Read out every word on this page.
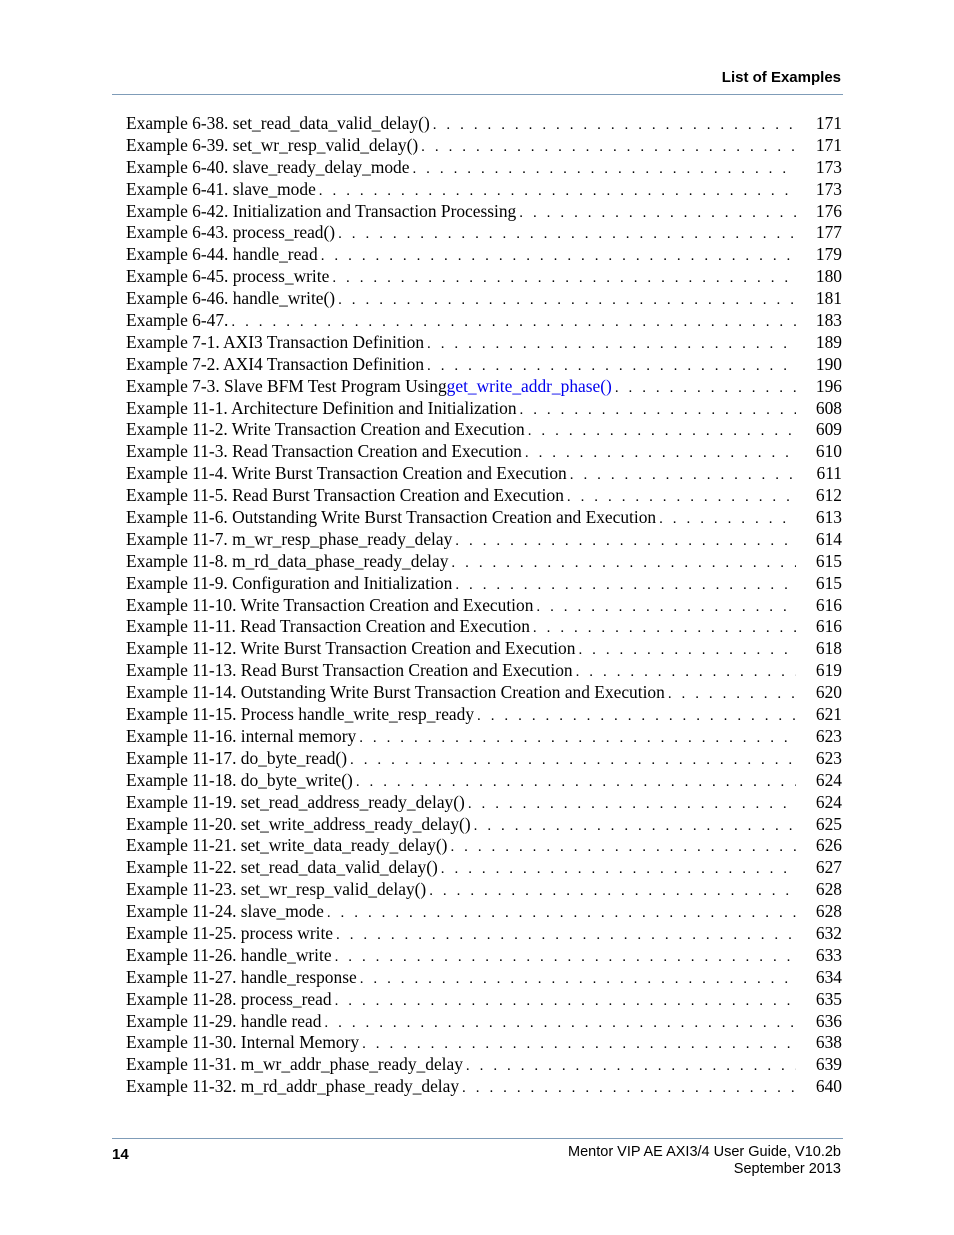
List of Examples
Example 6-38. set_read_data_valid_delay() . . .	171
Example 6-39. set_wr_resp_valid_delay() . . .	171
Example 6-40. slave_ready_delay_mode . . .	173
Example 6-41. slave_mode . . .	173
Example 6-42. Initialization and Transaction Processing . . .	176
Example 6-43. process_read() . . .	177
Example 6-44. handle_read . . .	179
Example 6-45. process_write . . .	180
Example 6-46. handle_write() . . .	181
Example 6-47. . . .	183
Example 7-1. AXI3 Transaction Definition . . .	189
Example 7-2. AXI4 Transaction Definition . . .	190
Example 7-3. Slave BFM Test Program Using get_write_addr_phase() . . .	196
Example 11-1. Architecture Definition and Initialization . . .	608
Example 11-2. Write Transaction Creation and Execution . . .	609
Example 11-3. Read Transaction Creation and Execution . . .	610
Example 11-4. Write Burst Transaction Creation and Execution . . .	611
Example 11-5. Read Burst Transaction Creation and Execution . . .	612
Example 11-6. Outstanding Write Burst Transaction Creation and Execution . . .	613
Example 11-7. m_wr_resp_phase_ready_delay . . .	614
Example 11-8. m_rd_data_phase_ready_delay . . .	615
Example 11-9. Configuration and Initialization . . .	615
Example 11-10. Write Transaction Creation and Execution . . .	616
Example 11-11. Read Transaction Creation and Execution . . .	616
Example 11-12. Write Burst Transaction Creation and Execution . . .	618
Example 11-13. Read Burst Transaction Creation and Execution . . .	619
Example 11-14. Outstanding Write Burst Transaction Creation and Execution . . .	620
Example 11-15. Process handle_write_resp_ready . . .	621
Example 11-16. internal memory . . .	623
Example 11-17. do_byte_read() . . .	623
Example 11-18. do_byte_write() . . .	624
Example 11-19. set_read_address_ready_delay() . . .	624
Example 11-20. set_write_address_ready_delay() . . .	625
Example 11-21. set_write_data_ready_delay() . . .	626
Example 11-22. set_read_data_valid_delay() . . .	627
Example 11-23. set_wr_resp_valid_delay() . . .	628
Example 11-24. slave_mode . . .	628
Example 11-25. process write . . .	632
Example 11-26. handle_write . . .	633
Example 11-27. handle_response . . .	634
Example 11-28. process_read . . .	635
Example 11-29. handle read . . .	636
Example 11-30. Internal Memory . . .	638
Example 11-31. m_wr_addr_phase_ready_delay . . .	639
Example 11-32. m_rd_addr_phase_ready_delay . . .	640
14	Mentor VIP AE AXI3/4 User Guide, V10.2b
September 2013
